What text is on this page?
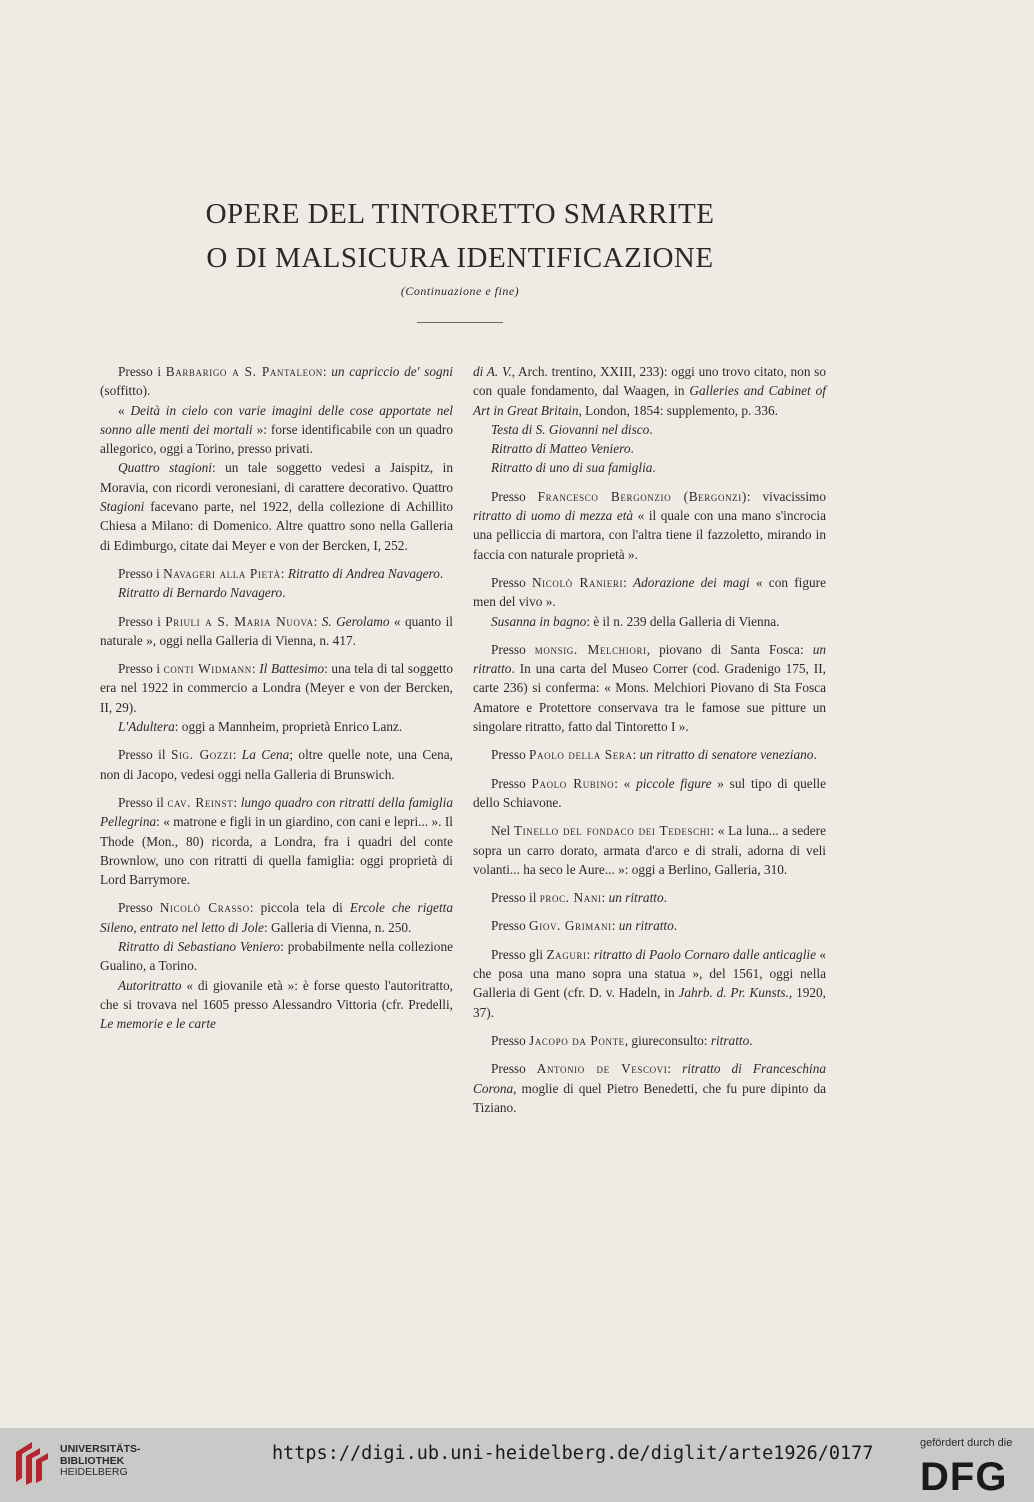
OPERE DEL TINTORETTO SMARRITE
O DI MALSICURA IDENTIFICAZIONE
(Continuazione e fine)

Presso i Barbarigo a S. Pantaleon: un capriccio de' sogni (soffitto).

« Deità in cielo con varie imagini delle cose apportate nel sonno alle menti dei mortali »: forse identificabile con un quadro allegorico, oggi a Torino, presso privati.

Quattro stagioni: un tale soggetto vedesi a Jaispitz, in Moravia, con ricordi veronesiani, di carattere decorativo. Quattro Stagioni facevano parte, nel 1922, della collezione di Achillito Chiesa a Milano: di Domenico. Altre quattro sono nella Galleria di Edimburgo, citate dai Meyer e von der Bercken, I, 252.

Presso i Navageri alla Pietà: Ritratto di Andrea Navagero.

Ritratto di Bernardo Navagero.

Presso i Priuli a S. Maria Nuova: S. Gerolamo « quanto il naturale », oggi nella Galleria di Vienna, n. 417.

Presso i conti Widmann: Il Battesimo: una tela di tal soggetto era nel 1922 in commercio a Londra (Meyer e von der Bercken, II, 29).

L'Adultera: oggi a Mannheim, proprietà Enrico Lanz.

Presso il Sig. Gozzi: La Cena; oltre quelle note, una Cena, non di Jacopo, vedesi oggi nella Galleria di Brunswich.

Presso il cav. Reinst: lungo quadro con ritratti della famiglia Pellegrina: « matrone e figli in un giardino, con cani e lepri... ». Il Thode (Mon., 80) ricorda, a Londra, fra i quadri del conte Brownlow, uno con ritratti di quella famiglia: oggi proprietà di Lord Barrymore.

Presso Nicolò Crasso: piccola tela di Ercole che rigetta Sileno, entrato nel letto di Jole: Galleria di Vienna, n. 250.

Ritratto di Sebastiano Veniero: probabilmente nella collezione Gualino, a Torino.

Autoritratto « di giovanile età »: è forse questo l'autoritratto, che si trovava nel 1605 presso Alessandro Vittoria (cfr. Predelli, Le memorie e le carte

di A. V., Arch. trentino, XXIII, 233): oggi uno trovo citato, non so con quale fondamento, dal Waagen, in Galleries and Cabinet of Art in Great Britain, London, 1854: supplemento, p. 336.

Testa di S. Giovanni nel disco.

Ritratto di Matteo Veniero.

Ritratto di uno di sua famiglia.

Presso Francesco Bergonzio (Bergonzi): vivacissimo ritratto di uomo di mezza età « il quale con una mano s'incrocia una pelliccia di martora, con l'altra tiene il fazzoletto, mirando in faccia con naturale proprietà ».

Presso Nicolò Ranieri: Adorazione dei magi « con figure men del vivo ».

Susanna in bagno: è il n. 239 della Galleria di Vienna.

Presso monsig. Melchiori, piovano di Santa Fosca: un ritratto. In una carta del Museo Correr (cod. Gradenigo 175, II, carte 236) si conferma: « Mons. Melchiori Piovano di Sta Fosca Amatore e Protettore conservava tra le famose sue pitture un singolare ritratto, fatto dal Tintoretto I ».

Presso Paolo della Sera: un ritratto di senatore veneziano.

Presso Paolo Rubino: « piccole figure » sul tipo di quelle dello Schiavone.

Nel Tinello del fondaco dei Tedeschi: « La luna... a sedere sopra un carro dorato, armata d'arco e di strali, adorna di veli volanti... ha seco le Aure... »: oggi a Berlino, Galleria, 310.

Presso il proc. Nani: un ritratto.

Presso Giov. Grimani: un ritratto.

Presso gli Zaguri: ritratto di Paolo Cornaro dalle anticaglie « che posa una mano sopra una statua », del 1561, oggi nella Galleria di Gent (cfr. D. v. Hadeln, in Jahrb. d. Pr. Kunsts., 1920, 37).

Presso Jacopo da Ponte, giureconsulto: ritratto.

Presso Antonio de Vescovi: ritratto di Franceschina Corona, moglie di quel Pietro Benedetti, che fu pure dipinto da Tiziano.

UNIVERSITÄTS-
BIBLIOTHEK
HEIDELBERG
https://digi.ub.uni-heidelberg.de/diglit/arte1926/0177	gefördert durch die
DFG
